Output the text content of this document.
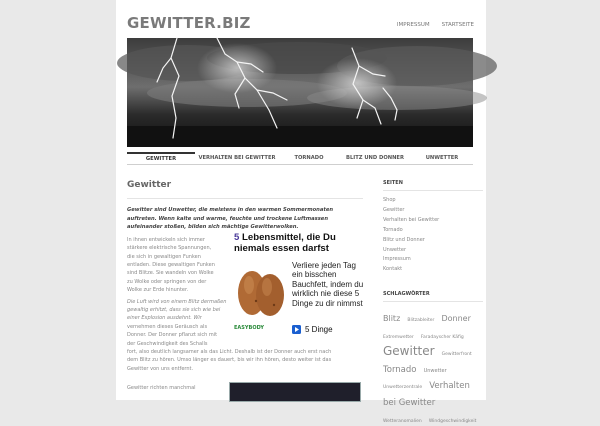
GEWITTER.BIZ	IMPRESSUM STARTSEITE
GEWITTER	VERHALTEN BEI GEWITTER	TORNADO	BLITZ UND DONNER	UNWETTER
Gewitter

Gewitter sind Unwetter, die meistens in den warmen Sommermonaten auftreten. Wenn kalte und warme, feuchte und trockene Luftmassen aufeinander stoßen, bilden sich mächtige Gewitterwolken.

In ihnen entwickeln sich immer
stärkere elektrische Spannungen,
die sich in gewaltigen Funken
entladen. Diese gewaltigen Funken
sind Blitze. Sie wandeln von Wolke
zu Wolke oder springen von der
Wolke zur Erde hinunter.
Die Luft wird von einem Blitz dermaßen
gewaltig erhitzt, dass sie sich wie bei
einer Explosion ausdehnt. Wir
vernehmen dieses Geräusch als
Donner. Der Donner pflanzt sich mit
der Geschwindigkeit des Schalls
fort, also deutlich langsamer als das Licht. Deshalb ist der Donner auch erst nach
dem Blitz zu hören. Umso länger es dauert, bis wir ihn hören, desto weiter ist das
Gewitter von uns entfernt.
Gewitter richten manchmal
5 Lebensmittel, die Du niemals essen darfst
Verliere jeden Tag ein bisschen Bauchfett, indem du wirklich nie diese 5 Dinge zu dir nimmst
EASYBODY	5 Dinge
SEITEN
Shop
Gewitter
Verhalten bei Gewitter
Tornado
Blitz und Donner
Unwetter
Impressum
Kontakt
SCHLAGWÖRTER
Blitz Blitzableiter Donner Extremwetter Faradayscher Käfig Gewitter Gewitterfront Tornado Unwetter Unwetterzentrale Verhalten bei Gewitter Wetteranomalien Windgeschwindigkeit
